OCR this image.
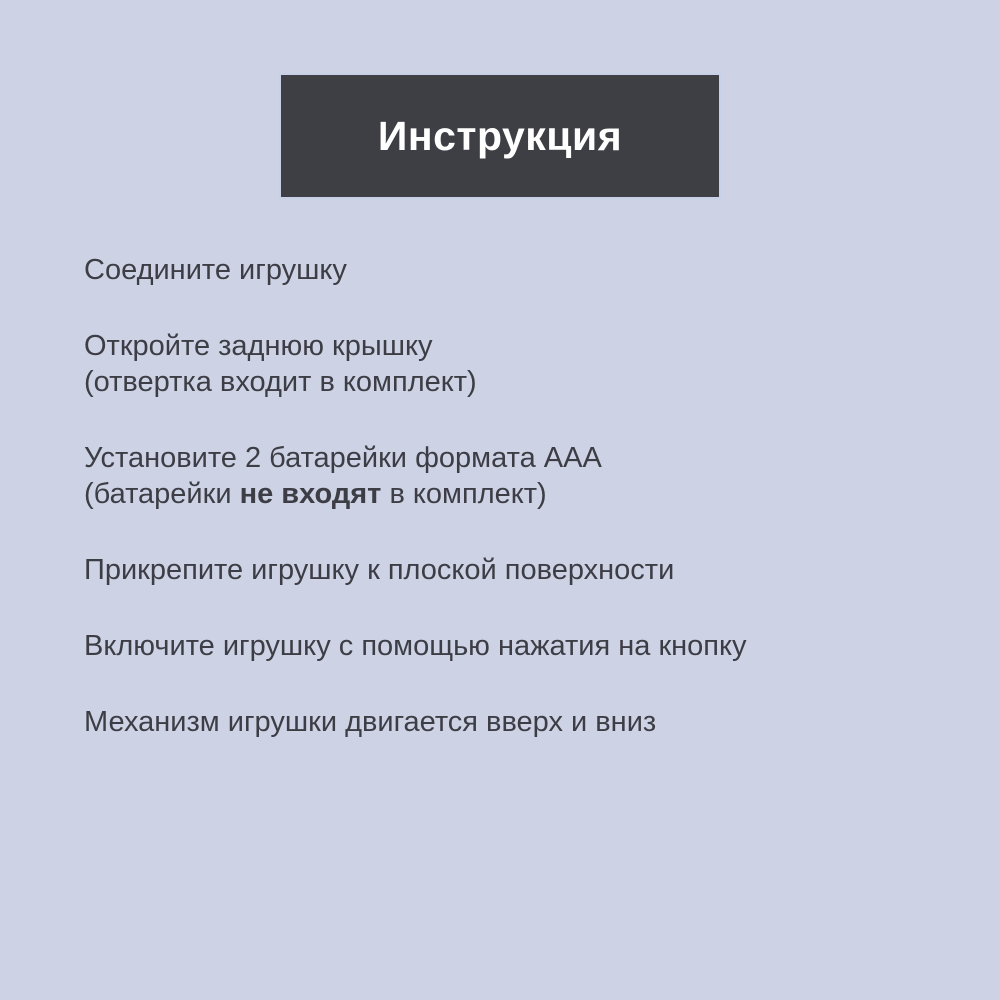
Инструкция
Соедините игрушку
Откройте заднюю крышку
(отвертка входит в комплект)
Установите 2 батарейки формата ААА
(батарейки не входят в комплект)
Прикрепите игрушку к плоской поверхности
Включите игрушку с помощью нажатия на кнопку
Механизм игрушки двигается вверх и вниз
